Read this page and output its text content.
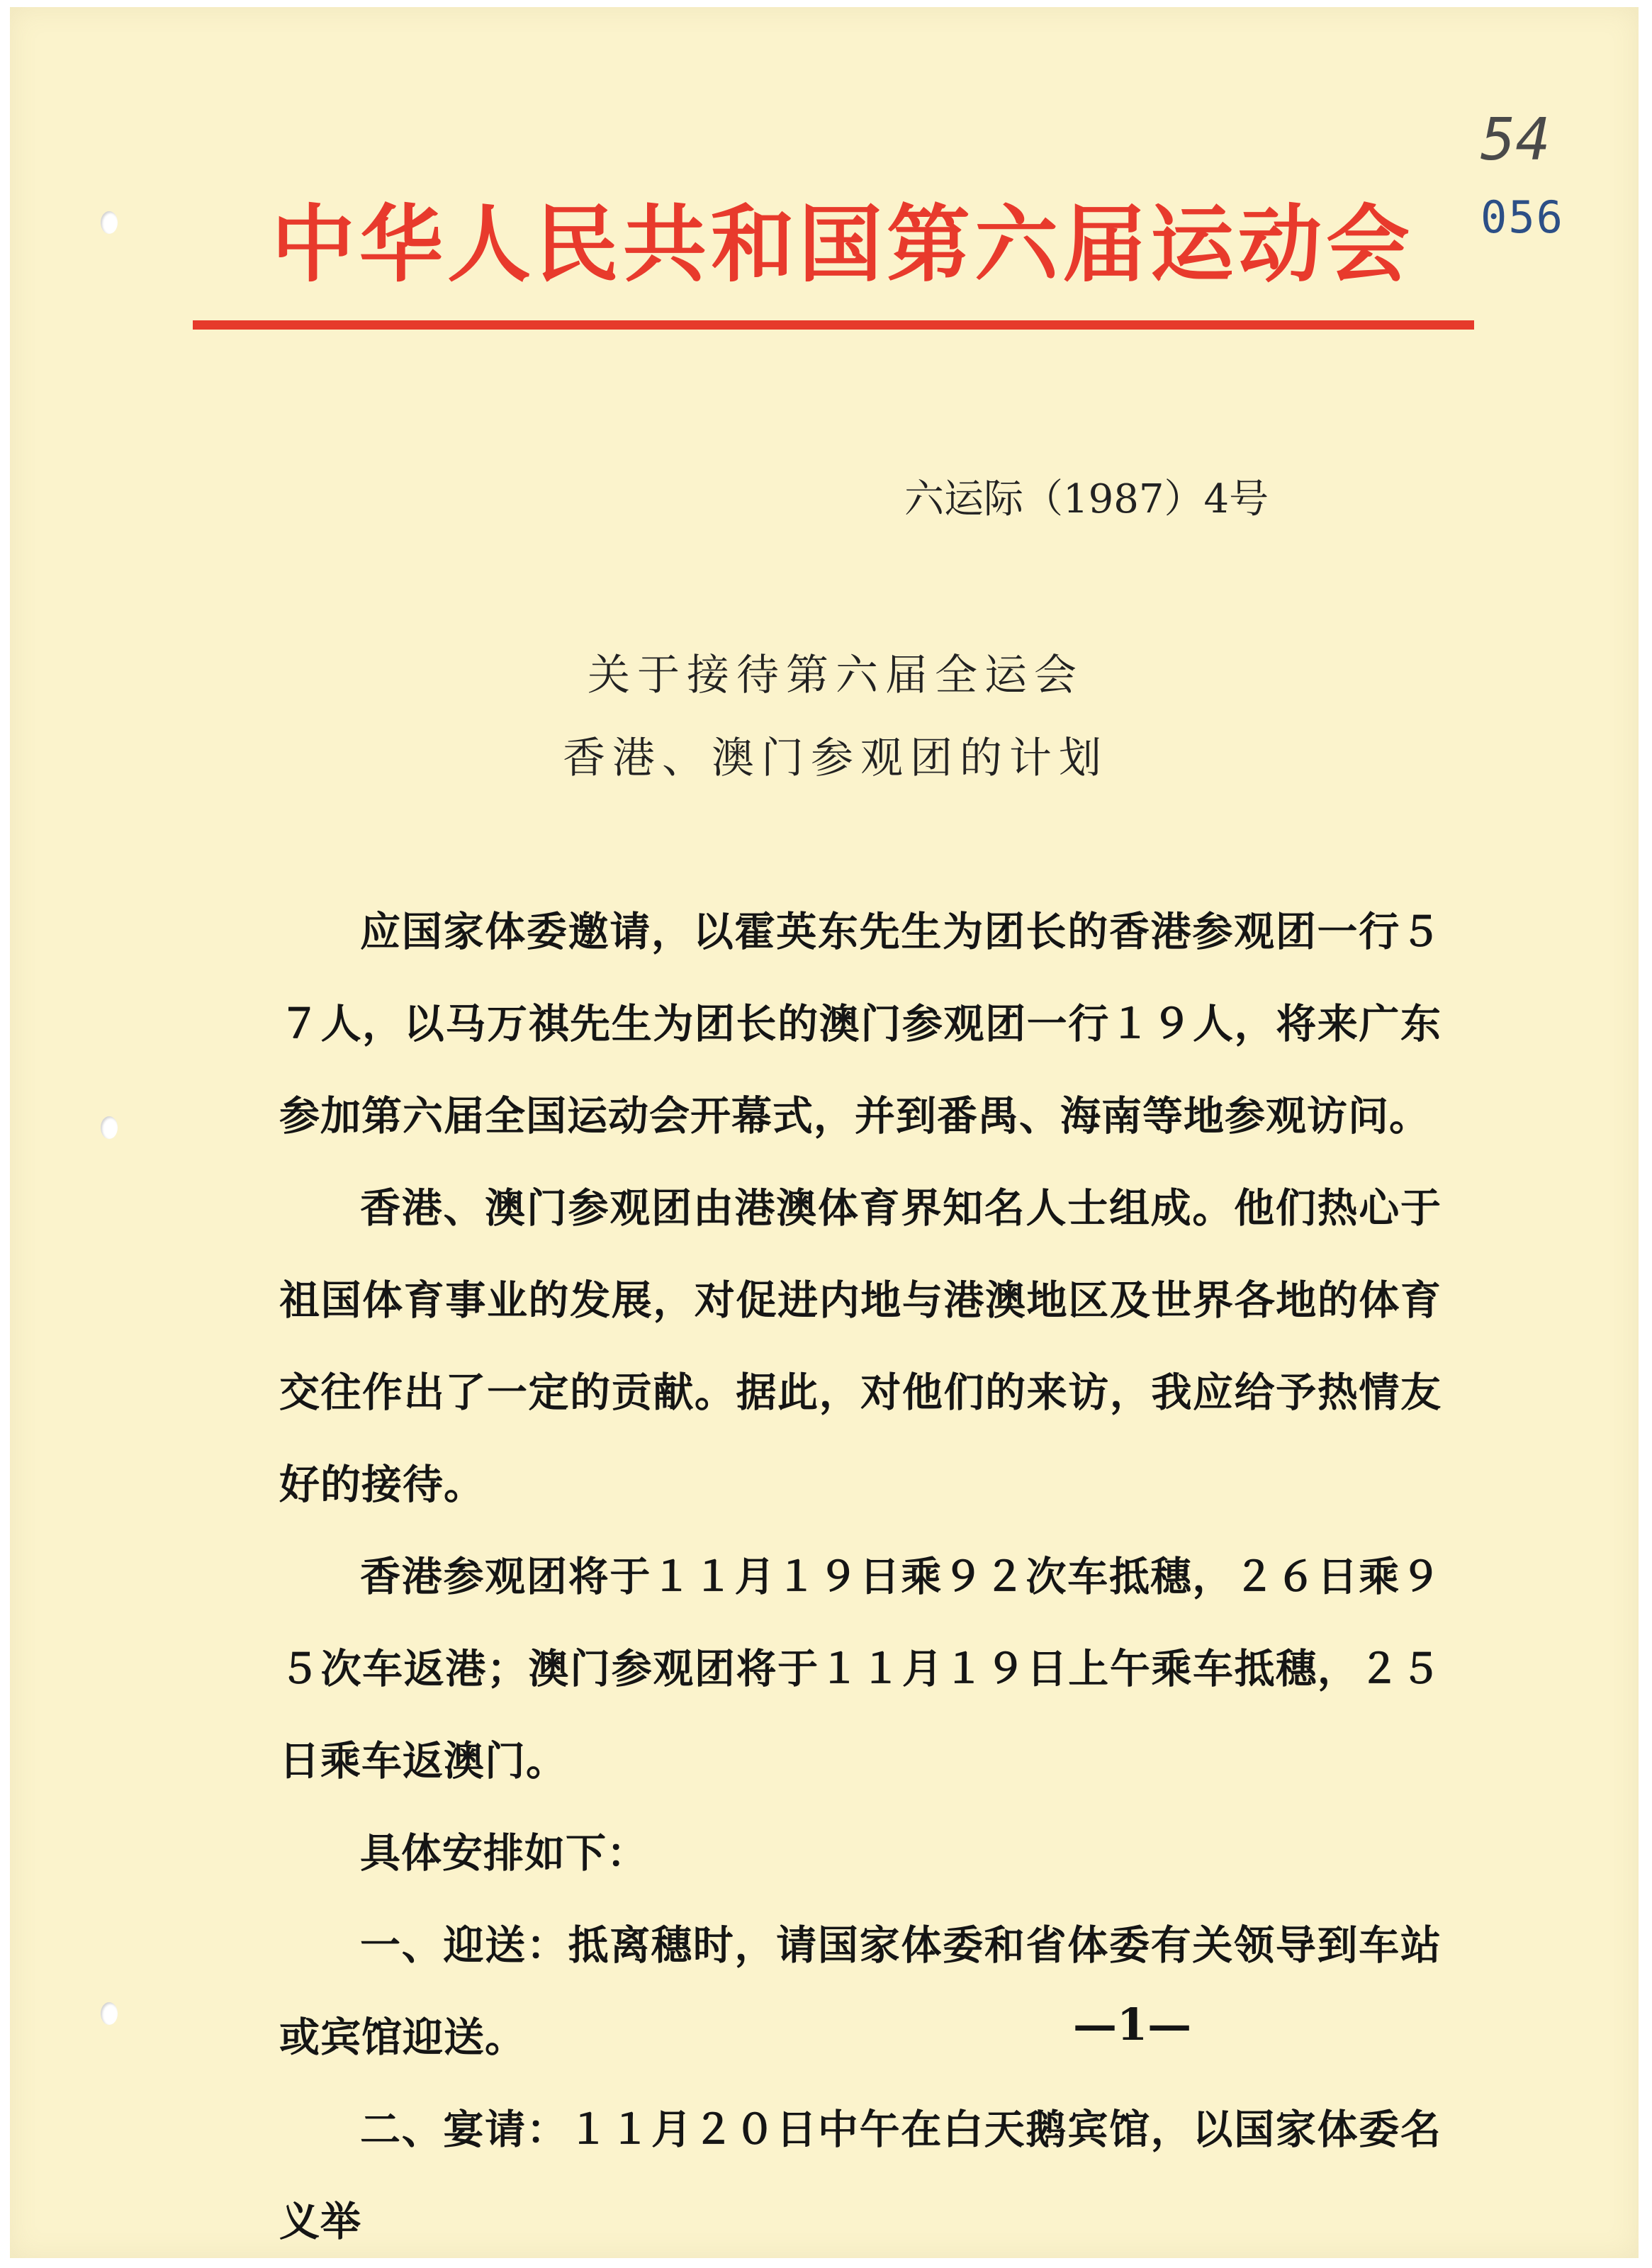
中华人民共和国第六届运动会
54
056
六运际（1987）4号
关于接待第六届全运会
香港、澳门参观团的计划

应国家体委邀请，以霍英东先生为团长的香港参观团一行５７人，以马万祺先生为团长的澳门参观团一行１９人，将来广东参加第六届全国运动会开幕式，并到番禺、海南等地参观访问。

香港、澳门参观团由港澳体育界知名人士组成。他们热心于祖国体育事业的发展，对促进内地与港澳地区及世界各地的体育交往作出了一定的贡献。据此，对他们的来访，我应给予热情友好的接待。

香港参观团将于１１月１９日乘９２次车抵穗，２６日乘９５次车返港；澳门参观团将于１１月１９日上午乘车抵穗，２５日乘车返澳门。

具体安排如下：

一、迎送：抵离穗时，请国家体委和省体委有关领导到车站或宾馆迎送。

二、宴请：１１月２０日中午在白天鹅宾馆，以国家体委名义举

—1—
